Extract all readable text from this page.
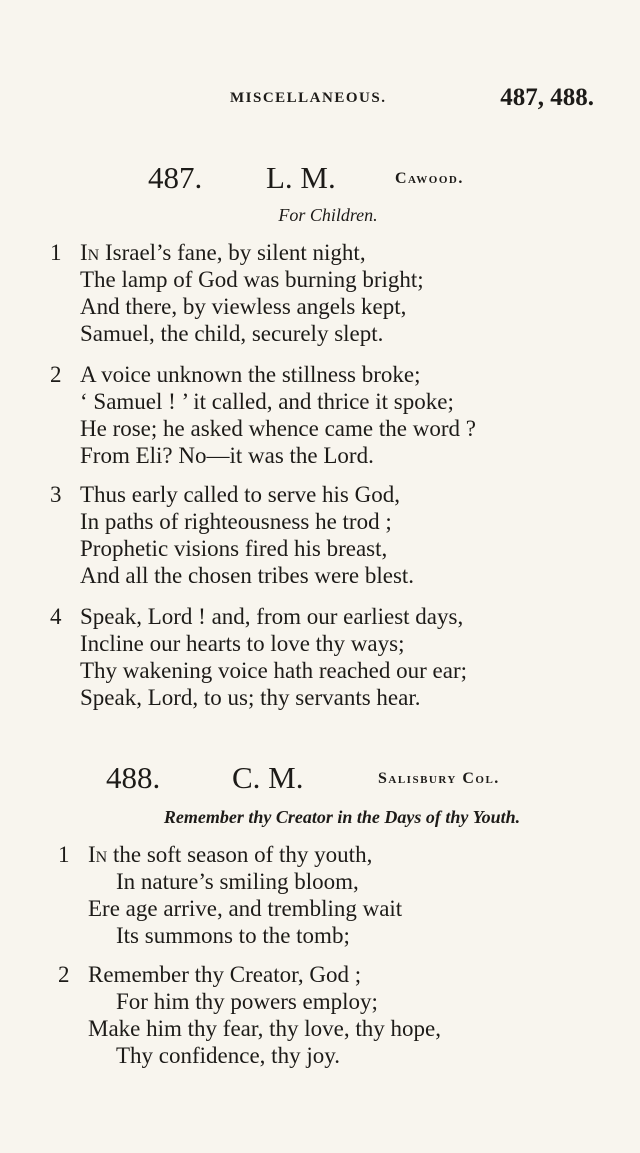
MISCELLANEOUS.	487, 488.
487. L. M.	Cawood.
For Children.
1 In Israel’s fane, by silent night,
The lamp of God was burning bright;
And there, by viewless angels kept,
Samuel, the child, securely slept.
2 A voice unknown the stillness broke;
‘ Samuel ! ’ it called, and thrice it spoke;
He rose; he asked whence came the word ?
From Eli? No—it was the Lord.
3 Thus early called to serve his God,
In paths of righteousness he trod ;
Prophetic visions fired his breast,
And all the chosen tribes were blest.
4 Speak, Lord ! and, from our earliest days,
Incline our hearts to love thy ways;
Thy wakening voice hath reached our ear;
Speak, Lord, to us; thy servants hear.
488. C. M.	Salisbury Col.
Remember thy Creator in the Days of thy Youth.
1 In the soft season of thy youth,
In nature’s smiling bloom,
Ere age arrive, and trembling wait
Its summons to the tomb;
2 Remember thy Creator, God ;
For him thy powers employ;
Make him thy fear, thy love, thy hope,
Thy confidence, thy joy.
